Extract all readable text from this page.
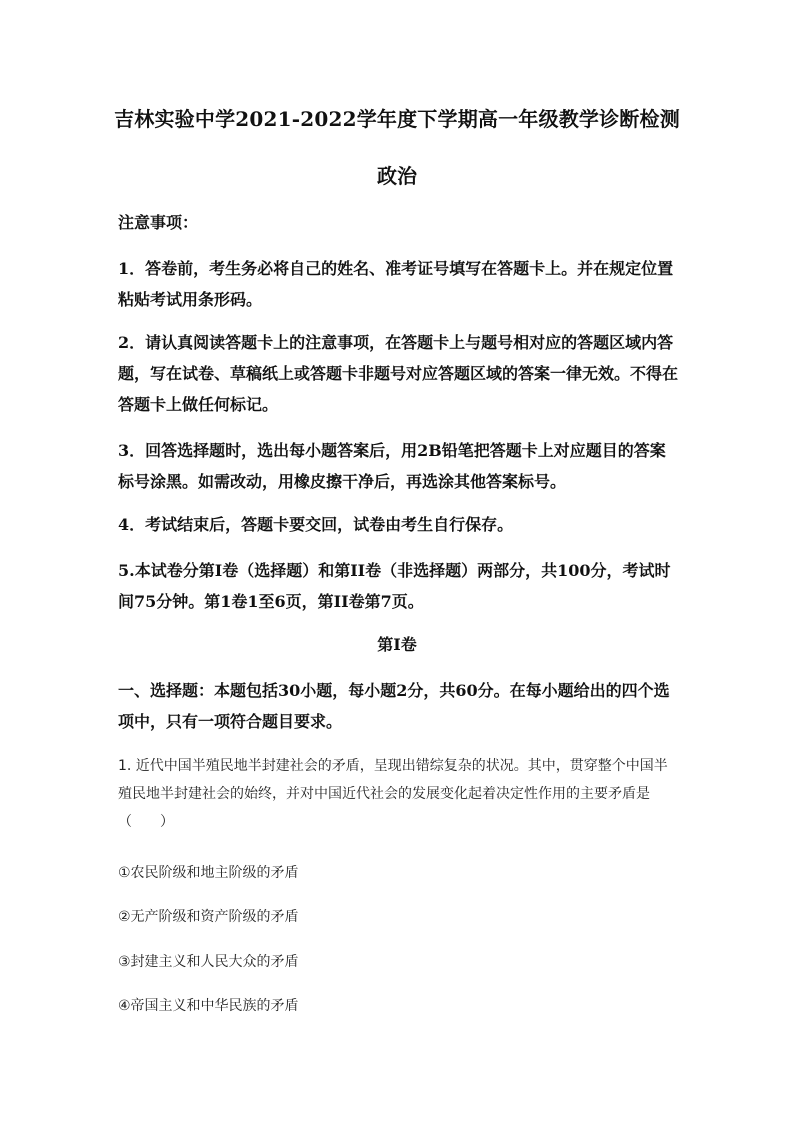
吉林实验中学2021-2022学年度下学期高一年级教学诊断检测
政治
注意事项：
1．答卷前，考生务必将自己的姓名、准考证号填写在答题卡上。并在规定位置粘贴考试用条形码。
2．请认真阅读答题卡上的注意事项，在答题卡上与题号相对应的答题区域内答题，写在试卷、草稿纸上或答题卡非题号对应答题区域的答案一律无效。不得在答题卡上做任何标记。
3．回答选择题时，选出每小题答案后，用2B铅笔把答题卡上对应题目的答案标号涂黑。如需改动，用橡皮擦干净后，再选涂其他答案标号。
4．考试结束后，答题卡要交回，试卷由考生自行保存。
5.本试卷分第I卷（选择题）和第II卷（非选择题）两部分，共100分，考试时间75分钟。第1卷1至6页，第II卷第7页。
第I卷
一、选择题：本题包括30小题，每小题2分，共60分。在每小题给出的四个选项中，只有一项符合题目要求。
1. 近代中国半殖民地半封建社会的矛盾，呈现出错综复杂的状况。其中，贯穿整个中国半殖民地半封建社会的始终，并对中国近代社会的发展变化起着决定性作用的主要矛盾是（　　）
①农民阶级和地主阶级的矛盾
②无产阶级和资产阶级的矛盾
③封建主义和人民大众的矛盾
④帝国主义和中华民族的矛盾
